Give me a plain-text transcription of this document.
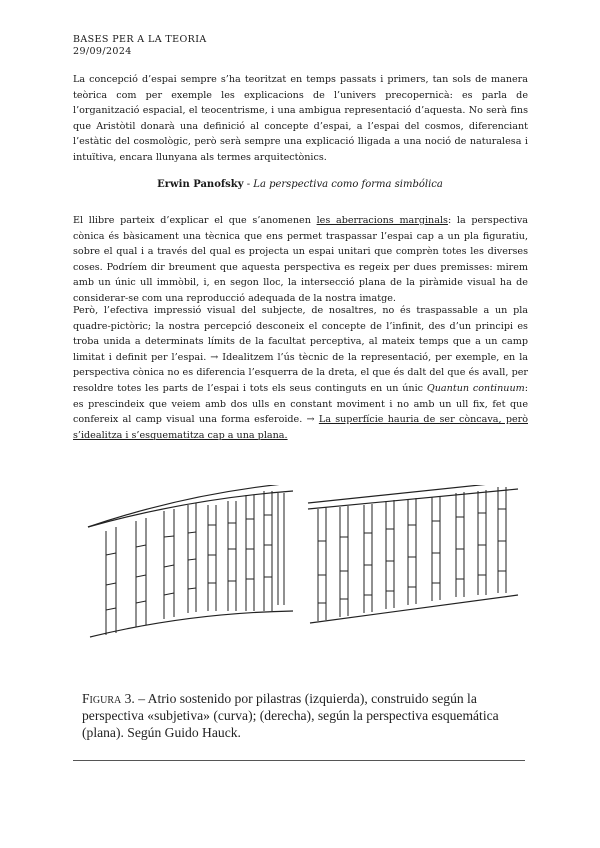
BASES PER A LA TEORIA
29/09/2024

La concepció d’espai sempre s’ha teoritzat en temps passats i primers, tan sols de manera teòrica com per exemple les explicacions de l’univers precopernicà: es parla de l’organització espacial, el teocentrisme, i una ambigua representació d’aquesta. No serà fins que Aristòtil donarà una definició al concepte d’espai, a l’espai del cosmos, diferenciant l’estàtic del cosmològic, però serà sempre una explicació lligada a una noció de naturalesa i intuïtiva, encara llunyana als termes arquitectònics.

Erwin Panofsky - La perspectiva como forma simbólica

El llibre parteix d’explicar el que s’anomenen les aberracions marginals: la perspectiva cònica és bàsicament una tècnica que ens permet traspassar l’espai cap a un pla figuratiu, sobre el qual i a través del qual es projecta un espai unitari que comprèn totes les diverses coses. Podríem dir breument que aquesta perspectiva es regeix per dues premisses: mirem amb un únic ull immòbil, i, en segon lloc, la intersecció plana de la piràmide visual ha de considerar-se com una reproducció adequada de la nostra imatge.

Però, l’efectiva impressió visual del subjecte, de nosaltres, no és traspassable a un pla quadre-pictòric; la nostra percepció desconeix el concepte de l’infinit, des d’un principi es troba unida a determinats límits de la facultat perceptiva, al mateix temps que a un camp limitat i definit per l’espai. → Idealitzem l’ús tècnic de la representació, per exemple, en la perspectiva cònica no es diferencia l’esquerra de la dreta, el que és dalt del que és avall, per resoldre totes les parts de l’espai i tots els seus continguts en un únic Quantun continuum: es prescindeix que veiem amb dos ulls en constant moviment i no amb un ull fix, fet que confereix al camp visual una forma esferoide. → La superfície hauria de ser còncava, però s’idealitza i s’esquematitza cap a una plana.

Figura 3. – Atrio sostenido por pilastras (izquierda), construido según la perspectiva «subjetiva» (curva); (derecha), según la perspectiva esquemática (plana). Según Guido Hauck.
